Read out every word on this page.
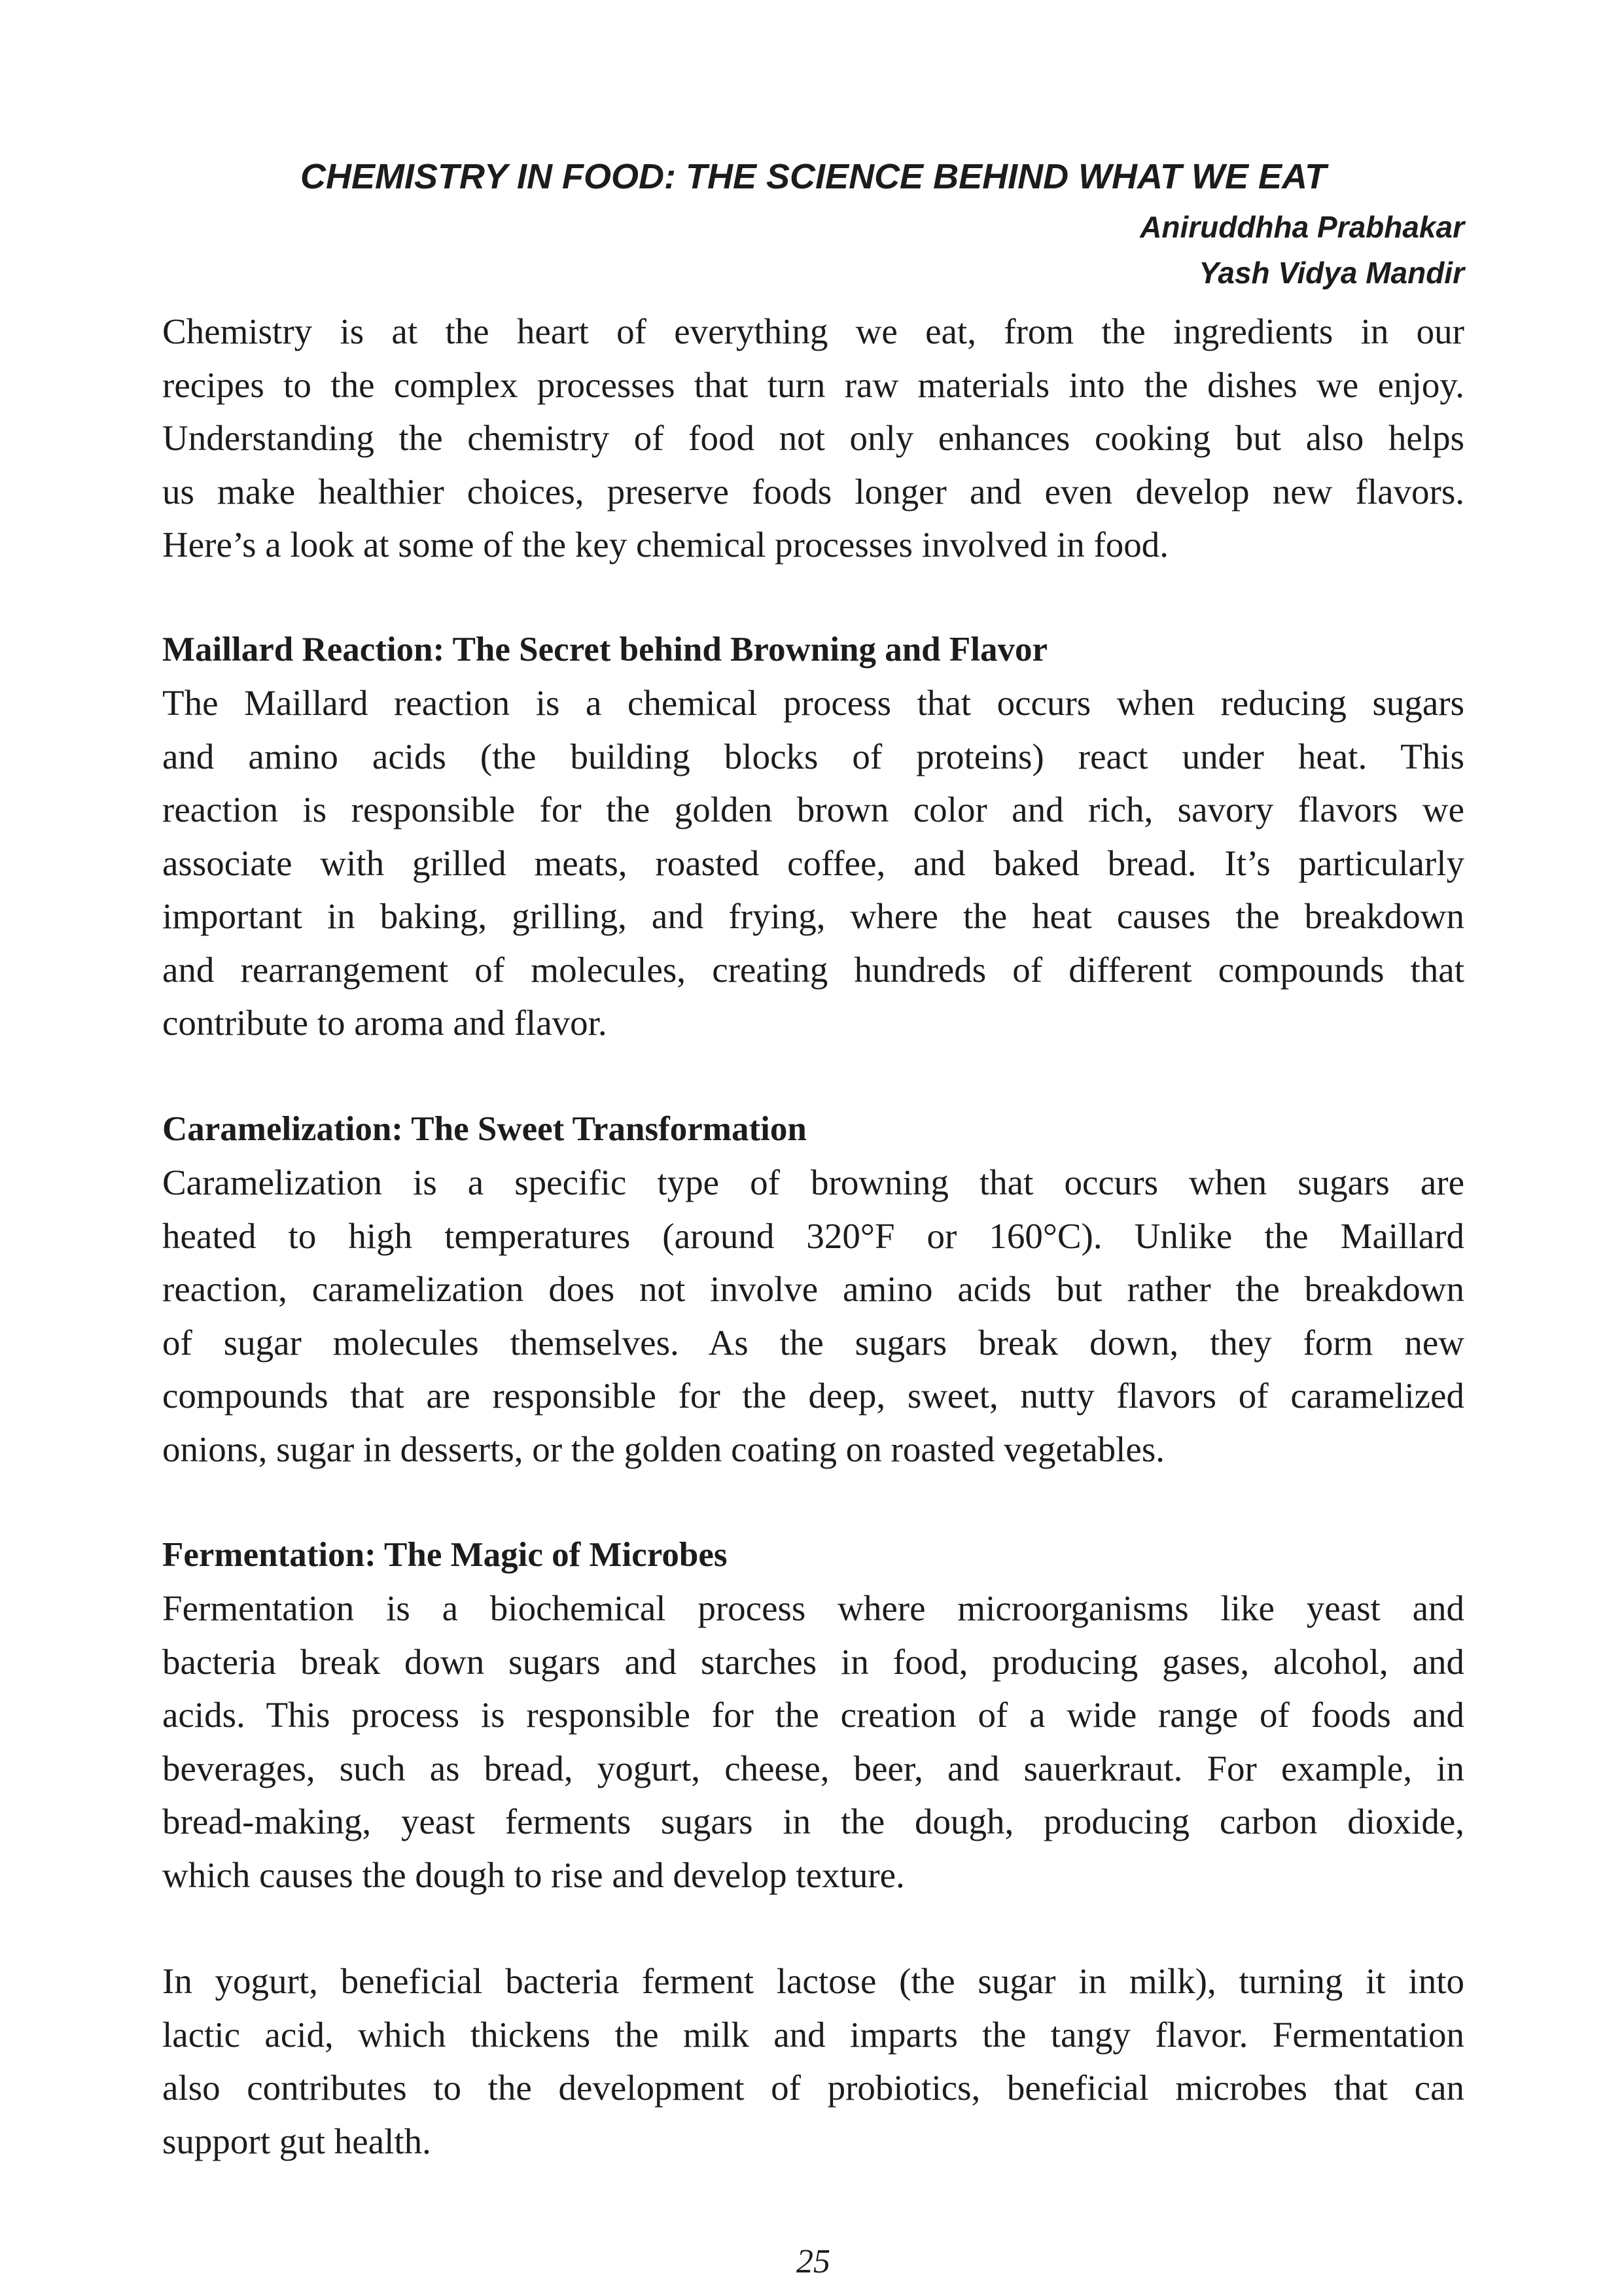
CHEMISTRY IN FOOD: THE SCIENCE BEHIND WHAT WE EAT
Aniruddhha Prabhakar
Yash Vidya Mandir
Chemistry is at the heart of everything we eat, from the ingredients in our
recipes to the complex processes that turn raw materials into the dishes we enjoy.
Understanding the chemistry of food not only enhances cooking but also helps
us make healthier choices, preserve foods longer and even develop new flavors.
Here’s a look at some of the key chemical processes involved in food.
Maillard Reaction: The Secret behind Browning and Flavor
The Maillard reaction is a chemical process that occurs when reducing sugars
and amino acids (the building blocks of proteins) react under heat. This
reaction is responsible for the golden brown color and rich, savory flavors we
associate with grilled meats, roasted coffee, and baked bread. It’s particularly
important in baking, grilling, and frying, where the heat causes the breakdown
and rearrangement of molecules, creating hundreds of different compounds that
contribute to aroma and flavor.
Caramelization: The Sweet Transformation
Caramelization is a specific type of browning that occurs when sugars are
heated to high temperatures (around 320°F or 160°C). Unlike the Maillard
reaction, caramelization does not involve amino acids but rather the breakdown
of sugar molecules themselves. As the sugars break down, they form new
compounds that are responsible for the deep, sweet, nutty flavors of caramelized
onions, sugar in desserts, or the golden coating on roasted vegetables.
Fermentation: The Magic of Microbes
Fermentation is a biochemical process where microorganisms like yeast and
bacteria break down sugars and starches in food, producing gases, alcohol, and
acids. This process is responsible for the creation of a wide range of foods and
beverages, such as bread, yogurt, cheese, beer, and sauerkraut. For example, in
bread-making, yeast ferments sugars in the dough, producing carbon dioxide,
which causes the dough to rise and develop texture.
In yogurt, beneficial bacteria ferment lactose (the sugar in milk), turning it into
lactic acid, which thickens the milk and imparts the tangy flavor. Fermentation
also contributes to the development of probiotics, beneficial microbes that can
support gut health.
25
